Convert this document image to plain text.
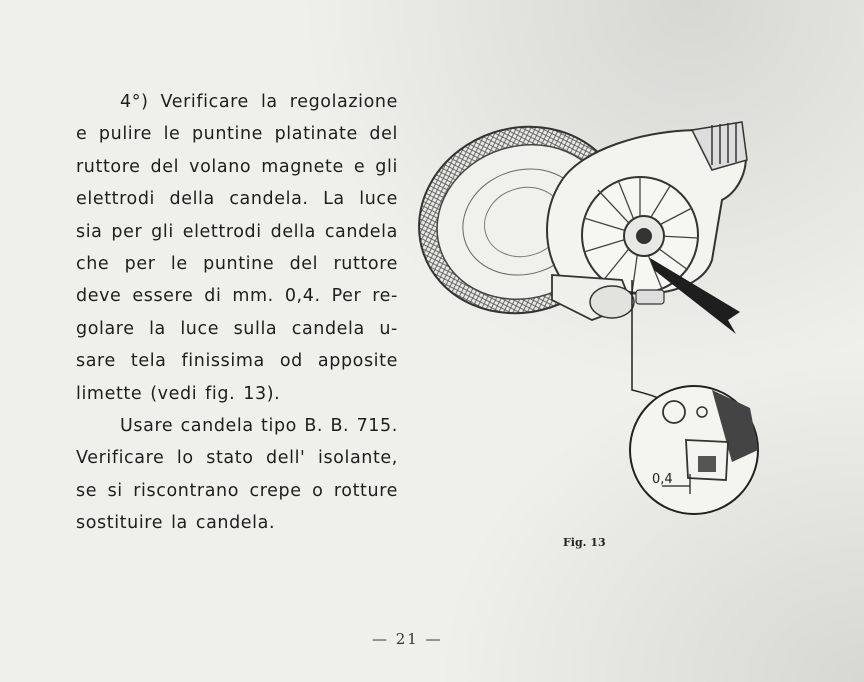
4°) Verificare la regolazione
e pulire le puntine platinate del
ruttore del volano magnete e gli
elettrodi della candela. La luce
sia per gli elettrodi della candela
che per le puntine del ruttore
deve essere di mm. 0,4. Per re-
golare la luce sulla candela u-
sare tela finissima od apposite
limette (vedi fig. 13).
Usare candela tipo B. B. 715.
Verificare lo stato dell' isolante,
se si riscontrano crepe o rotture
sostituire la candela.
0,4
Fig. 13
— 21 —
